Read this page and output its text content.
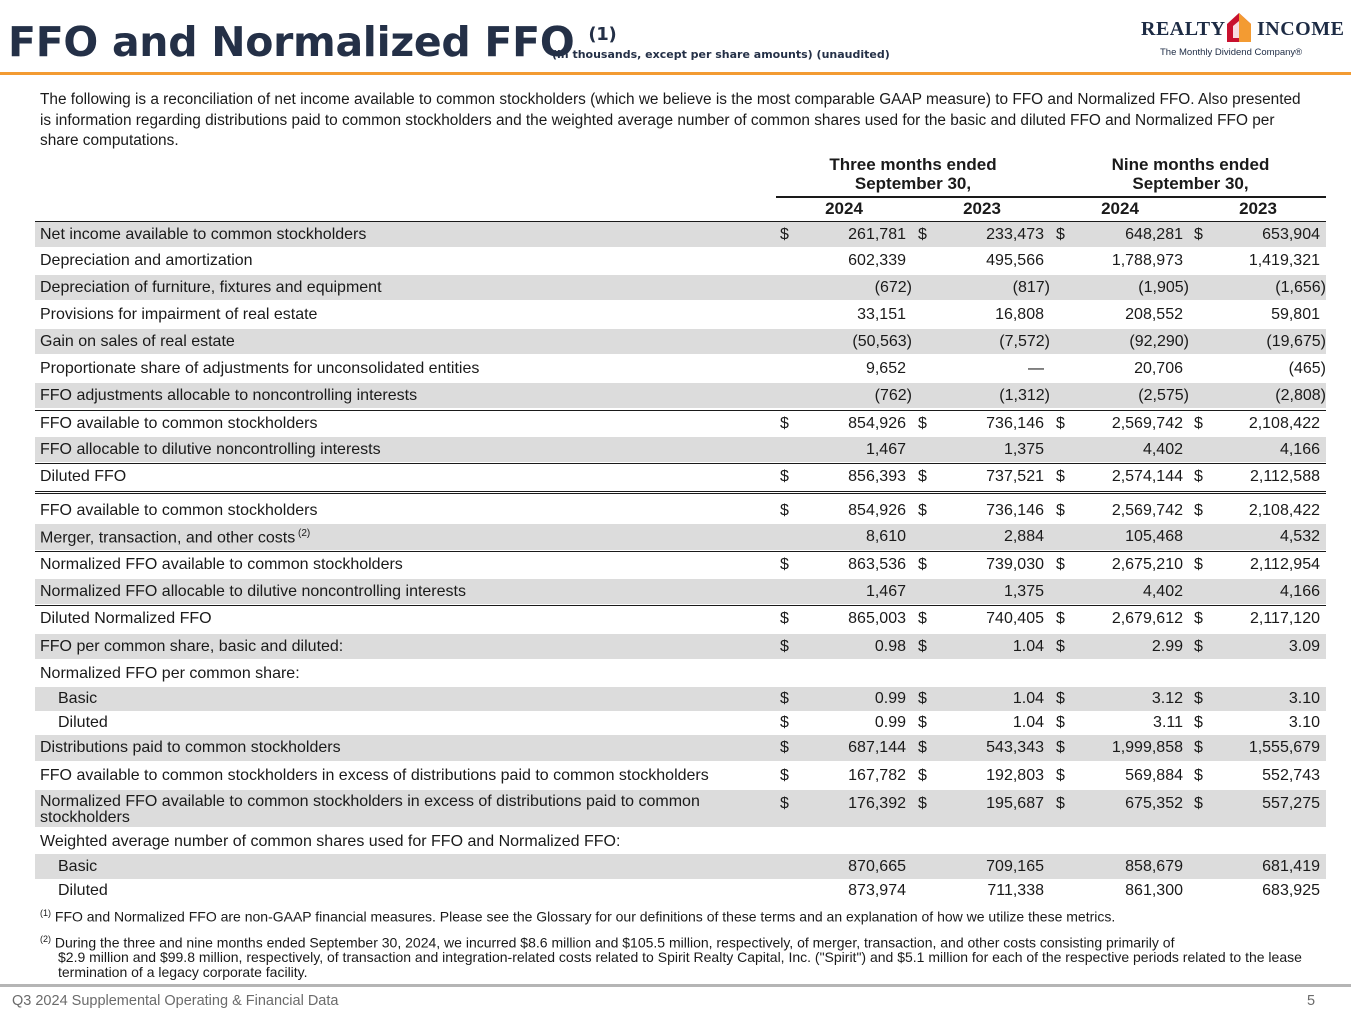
FFO and Normalized FFO $^{(1)}$
(in thousands, except per share amounts) (unaudited)
REALTY INCOME
The Monthly Dividend Company®

The following is a reconciliation of net income available to common stockholders (which we believe is the most comparable GAAP measure) to FFO and Normalized FFO. Also presented is information regarding distributions paid to common stockholders and the weighted average number of common shares used for the basic and diluted FFO and Normalized FFO per share computations.

Three months ended
September 30,
Nine months ended
September 30,
2024	2023	2024	2023
Net income available to common stockholders	$	261,781 $	233,473 $	648,281 $	653,904
Depreciation and amortization	602,339	495,566	1,788,973	1,419,321
Depreciation of furniture, fixtures and equipment	(672)	(817)	(1,905)	(1,656)
Provisions for impairment of real estate	33,151	16,808	208,552	59,801
Gain on sales of real estate	(50,563)	(7,572)	(92,290)	(19,675)
Proportionate share of adjustments for unconsolidated entities	9,652	—	20,706	(465)
FFO adjustments allocable to noncontrolling interests	(762)	(1,312)	(2,575)	(2,808)
FFO available to common stockholders	$	854,926 $	736,146 $	2,569,742 $	2,108,422
FFO allocable to dilutive noncontrolling interests	1,467	1,375	4,402	4,166
Diluted FFO	$	856,393 $	737,521 $	2,574,144 $	2,112,588
FFO available to common stockholders	$	854,926 $	736,146 $	2,569,742 $	2,108,422
Merger, transaction, and other costs $^{(2)}$	8,610	2,884	105,468	4,532
Normalized FFO available to common stockholders	$	863,536 $	739,030 $	2,675,210 $	2,112,954
Normalized FFO allocable to dilutive noncontrolling interests	1,467	1,375	4,402	4,166
Diluted Normalized FFO	$	865,003 $	740,405 $	2,679,612 $	2,117,120
FFO per common share, basic and diluted:	$	0.98 $	1.04 $	2.99 $	3.09
Normalized FFO per common share:
Basic	$	0.99 $	1.04 $	3.12 $	3.10
Diluted	$	0.99 $	1.04 $	3.11 $	3.10
Distributions paid to common stockholders	$	687,144 $	543,343 $	1,999,858 $	1,555,679
FFO available to common stockholders in excess of distributions paid to common stockholders	$	167,782 $	192,803 $	569,884 $	552,743
Normalized FFO available to common stockholders in excess of distributions paid to common stockholders
$	176,392 $	195,687 $	675,352 $	557,275
Weighted average number of common shares used for FFO and Normalized FFO:
Basic	870,665	709,165	858,679	681,419
Diluted	873,974	711,338	861,300	683,925
$^{(1)}$ FFO and Normalized FFO are non-GAAP financial measures. Please see the Glossary for our definitions of these terms and an explanation of how we utilize these metrics.
$^{(2)}$ During the three and nine months ended September 30, 2024, we incurred $8.6 million and $105.5 million, respectively, of merger, transaction, and other costs consisting primarily of
$2.9 million and $99.8 million, respectively, of transaction and integration-related costs related to Spirit Realty Capital, Inc. ("Spirit") and $5.1 million for each of the respective periods related to the lease termination of a legacy corporate facility.
Q3 2024 Supplemental Operating & Financial Data	5
